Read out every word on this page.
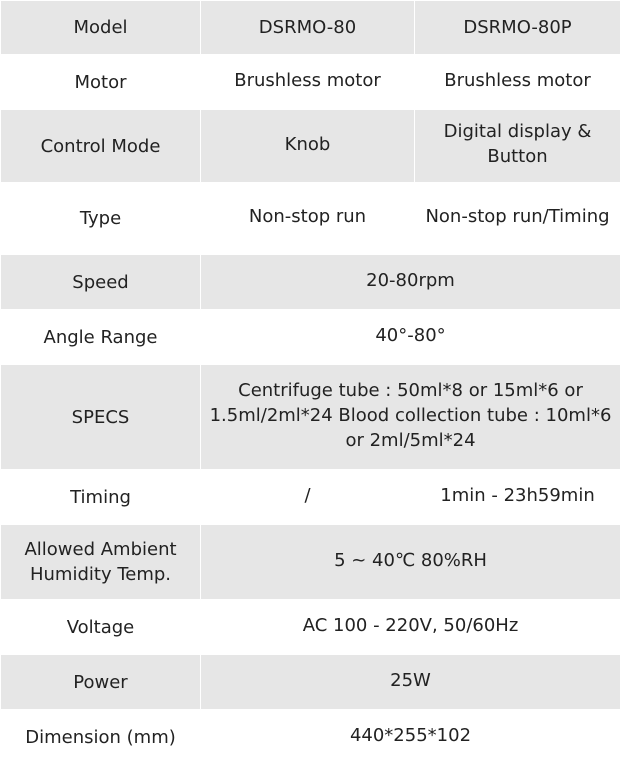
Model	DSRMO-80	DSRMO-80P
Motor	Brushless motor	Brushless motor
Control Mode	Knob	Digital display & Button
Type	Non-stop run	Non-stop run/Timing
Speed	20-80rpm	
Angle Range	40°-80°	
SPECS	Centrifuge tube : 50ml*8 or 15ml*6 or 1.5ml/2ml*24 Blood collection tube : 10ml*6 or 2ml/5ml*24	
Timing	/	1min - 23h59min
Allowed Ambient Humidity Temp.	5 ~ 40℃ 80%RH	
Voltage	AC 100 - 220V, 50/60Hz	
Power	25W	
Dimension (mm)	440*255*102	
